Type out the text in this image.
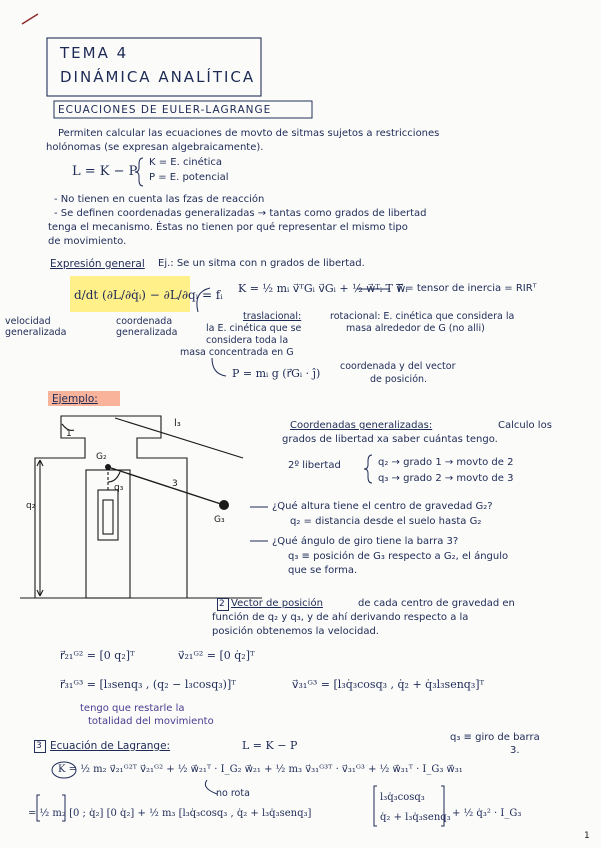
TEMA 4
DINÁMICA ANALÍTICA
ECUACIONES DE EULER-LAGRANGE
Permiten calcular las ecuaciones de movto de sitmas sujetos a restricciones
holónomas (se expresan algebraicamente).
L = K − P
K = E. cinética
P = E. potencial
- No tienen en cuenta las fzas de reacción
- Se definen coordenadas generalizadas → tantas como grados de libertad
tenga el mecanismo. Éstas no tienen por qué representar el mismo tipo
de movimiento.
Expresión general Ej.: Se un sitma con n grados de libertad.
d/dt (∂L/∂q̇ᵢ) − ∂L/∂qᵢ = fᵢ K = ½ mᵢ v⃗ᵀGᵢ v⃗Gᵢ + ½ w⃗ᵀᵢ T w⃗ᵢ
T = tensor de inercia = RIRᵀ
velocidad generalizada
coordenada generalizada
traslacional:
la E. cinética que se
considera toda la
masa concentrada en G
rotacional: E. cinética que considera la
masa alrededor de G (no alli)
P = mᵢ g (r⃗Gᵢ · ĵ)
coordenada y del vector
de posición.
Ejemplo:
l₃
1
3
G₂
q₃
q₂
G₃
Coordenadas generalizadas:	Calculo los
grados de libertad xa saber cuántas tengo.
2º libertad	q₂ → grado 1 → movto de 2
q₃ → grado 2 → movto de 3
¿Qué altura tiene el centro de gravedad G₂?
q₂ = distancia desde el suelo hasta G₂
¿Qué ángulo de giro tiene la barra 3?
q₃ ≡ posición de G₃ respecto a G₂, el ángulo
que se forma.
2 Vector de posición	de cada centro de gravedad en
función de q₂ y q₃, y de ahí derivando respecto a la
posición obtenemos la velocidad.
r⃗₂₁ᴳ² = [0 q₂]ᵀ	v⃗₂₁ᴳ² = [0 q̇₂]ᵀ
r⃗₃₁ᴳ³ = [l₃senq₃ , (q₂ − l₃cosq₃)]ᵀ	v⃗₃₁ᴳ³ = [l₃q̇₃cosq₃ , q̇₂ + q̇₃l₃senq₃]ᵀ
tengo que restarle la
totalidad del movimiento
3 Ecuación de Lagrange:	L = K − P
q₃ ≡ giro de barra
3.
K = ½ m₂ v⃗₂₁ᴳ²ᵀ v⃗₂₁ᴳ² + ½ w⃗₂₁ᵀ · I_G₂ w⃗₂₁ + ½ m₃ v⃗₃₁ᴳ³ᵀ · v⃗₃₁ᴳ³ + ½ w⃗₃₁ᵀ · I_G₃ w⃗₃₁
no rota
= ½ m₂ [0 ; q̇₂] [0 q̇₂] + ½ m₃ [l₃q̇₃cosq₃ , q̇₂ + l₃q̇₃senq₃]
l₃q̇₃cosq₃
q̇₂ + l₃q̇₃senq₃ + ½ q̇₃² · I_G₃
1
